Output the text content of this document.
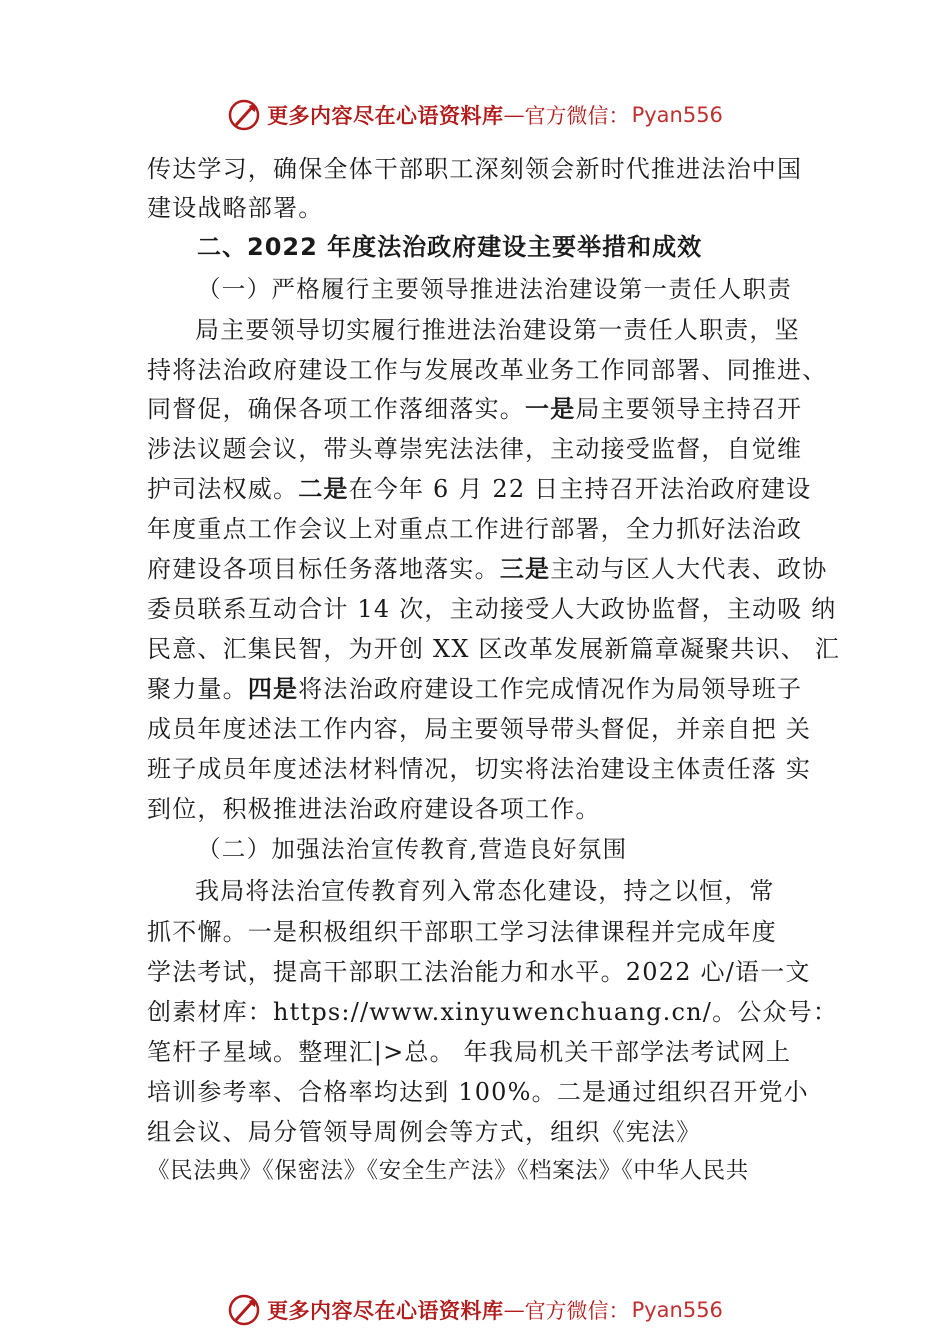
更多内容尽在心语资料库 — 官方微信： Pyan556
传达学习，确保全体干部职工深刻领会新时代推进法治中国
建设战略部署。
二、2022 年度法治政府建设主要举措和成效
（一）严格履行主要领导推进法治建设第一责任人职责
局主要领导切实履行推进法治建设第一责任人职责，坚
持将法治政府建设工作与发展改革业务工作同部署、同推进、
同督促，确保各项工作落细落实。一是局主要领导主持召开
涉法议题会议，带头尊崇宪法法律，主动接受监督，自觉维
护司法权威。二是在今年 6 月 22 日主持召开法治政府建设
年度重点工作会议上对重点工作进行部署，全力抓好法治政
府建设各项目标任务落地落实。三是主动与区人大代表、政协
委员联系互动合计 14 次，主动接受人大政协监督，主动吸 纳
民意、汇集民智，为开创 XX 区改革发展新篇章凝聚共识、 汇
聚力量。四是将法治政府建设工作完成情况作为局领导班子
成员年度述法工作内容，局主要领导带头督促，并亲自把 关
班子成员年度述法材料情况，切实将法治建设主体责任落 实
到位，积极推进法治政府建设各项工作。
（二）加强法治宣传教育,营造良好氛围
我局将法治宣传教育列入常态化建设，持之以恒，常
抓不懈。一是积极组织干部职工学习法律课程并完成年度
学法考试，提高干部职工法治能力和水平。2022 心/语一文
创素材库：https://www.xinyuwenchuang.cn/。公众号：
笔杆子星域。整理汇|>总。 年我局机关干部学法考试网上
培训参考率、合格率均达到 100%。二是通过组织召开党小
组会议、局分管领导周例会等方式，组织《宪法》
《民法典》《保密法》《安全生产法》《档案法》《中华人民共
更多内容尽在心语资料库 — 官方微信： Pyan556
